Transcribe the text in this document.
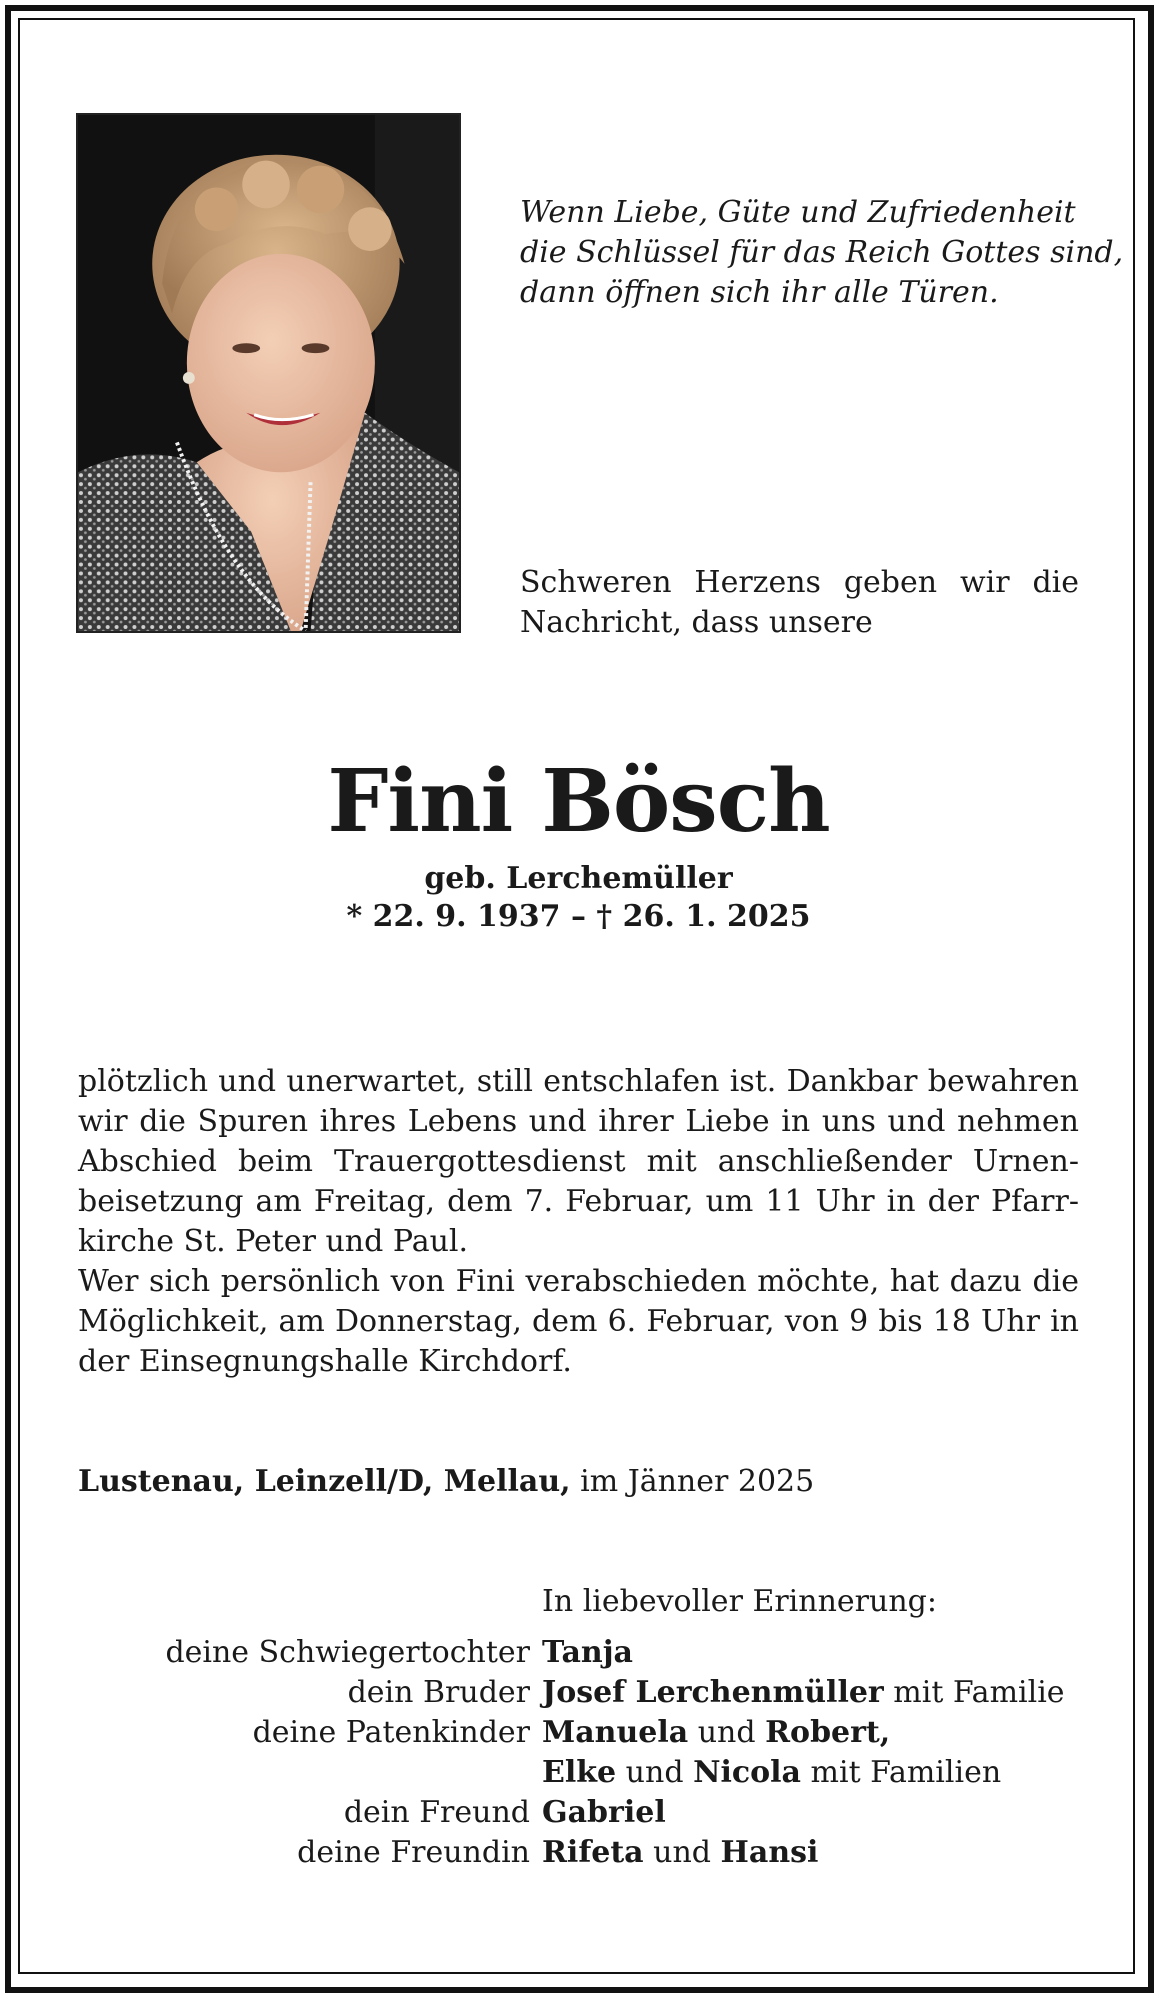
Wenn Liebe, Güte und Zufriedenheit
die Schlüssel für das Reich Gottes sind,
dann öffnen sich ihr alle Türen.
Schweren Herzens geben wir die
Nachricht, dass unsere
Fini Bösch
geb. Lerchemüller
* 22. 9. 1937 – † 26. 1. 2025
plötzlich und unerwartet, still entschlafen ist. Dankbar bewahren
wir die Spuren ihres Lebens und ihrer Liebe in uns und nehmen
Abschied beim Trauergottesdienst mit anschließender Urnen-
beisetzung am Freitag, dem 7. Februar, um 11 Uhr in der Pfarr-
kirche St. Peter und Paul.
Wer sich persönlich von Fini verabschieden möchte, hat dazu die
Möglichkeit, am Donnerstag, dem 6. Februar, von 9 bis 18 Uhr in
der Einsegnungshalle Kirchdorf.
Lustenau, Leinzell/D, Mellau, im Jänner 2025
In liebevoller Erinnerung:
deine Schwiegertochter Tanja
dein Bruder Josef Lerchenmüller mit Familie
deine Patenkinder Manuela und Robert,
Elke und Nicola mit Familien
dein Freund Gabriel
deine Freundin Rifeta und Hansi
